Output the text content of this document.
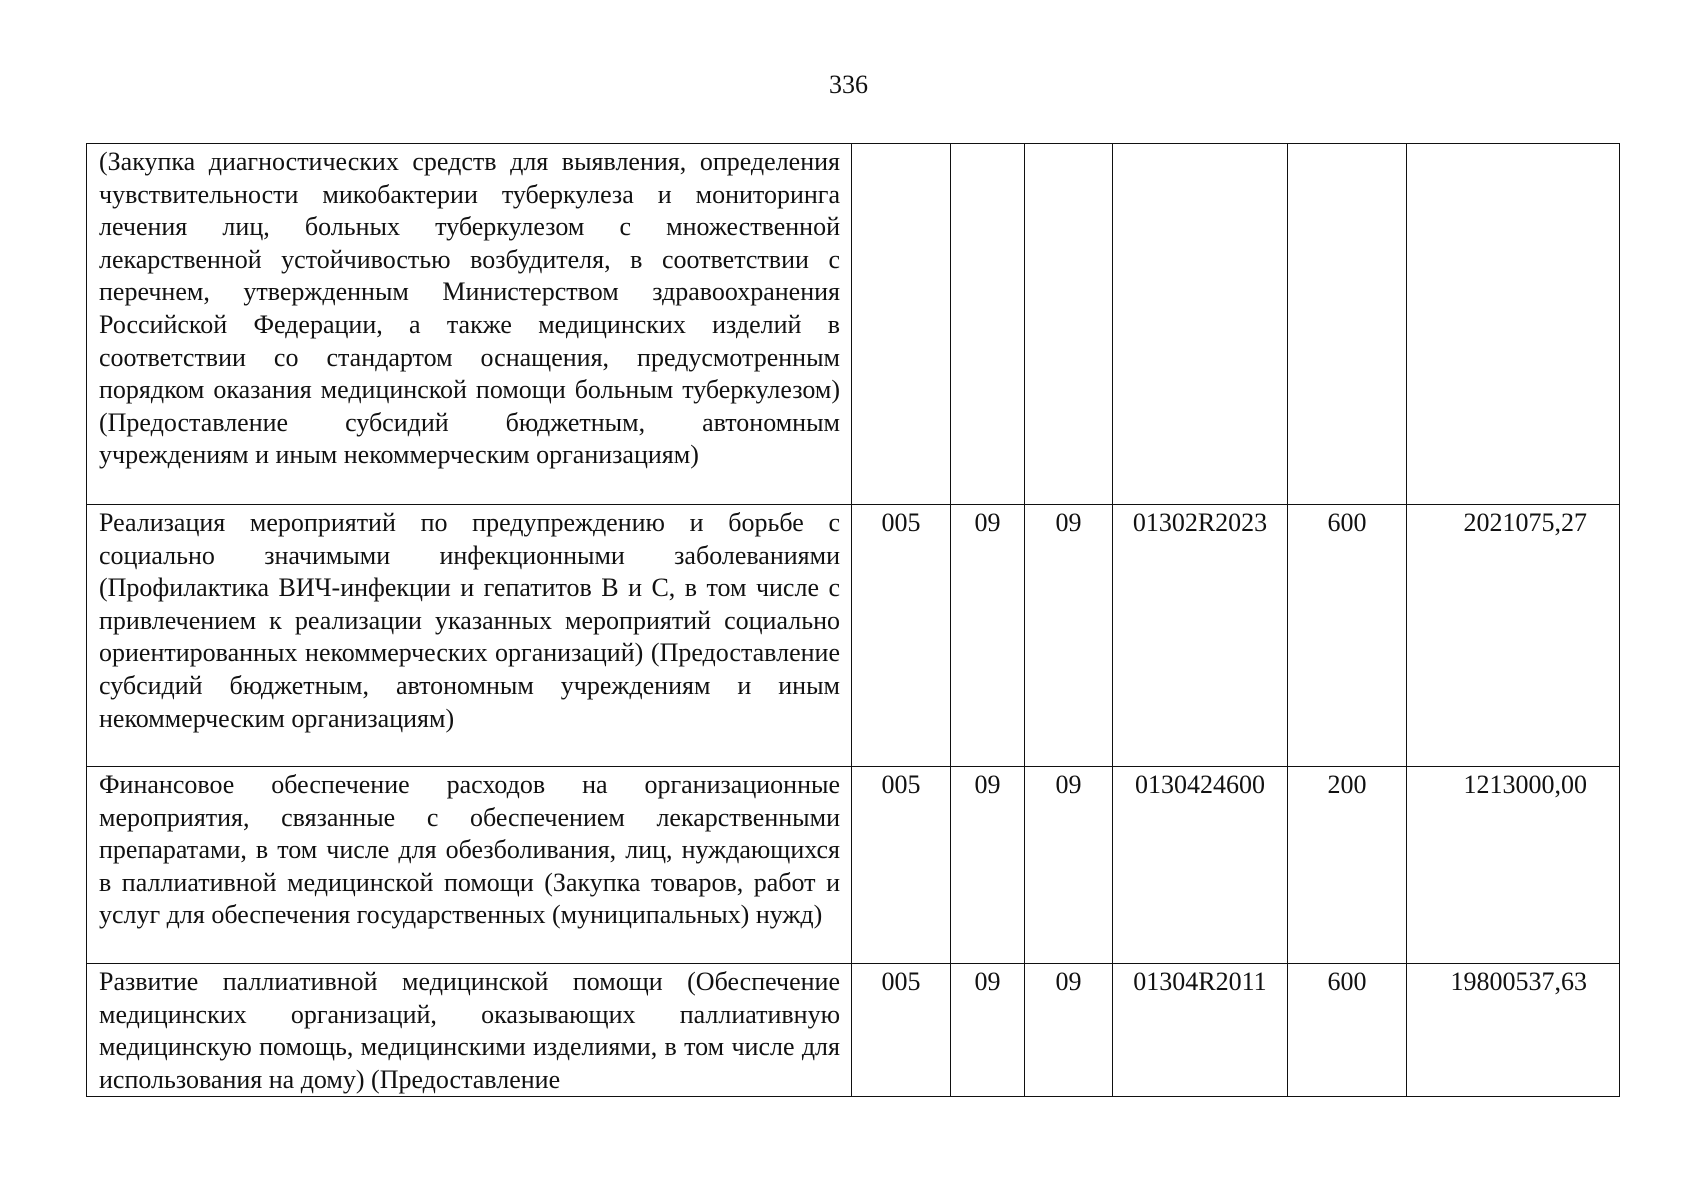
336
(Закупка диагностических средств для выявления, определения чувствительности микобактерии туберкулеза и мониторинга лечения лиц, больных туберкулезом с множественной лекарственной устойчивостью возбудителя, в соответствии с перечнем, утвержденным Министерством здравоохранения Российской Федерации, а также медицинских изделий в соответствии со стандартом оснащения, предусмотренным порядком оказания медицинской помощи больным туберкулезом) (Предоставление субсидий бюджетным, автономным учреждениям и иным некоммерческим организациям)						
Реализация мероприятий по предупреждению и борьбе с социально значимыми инфекционными заболеваниями (Профилактика ВИЧ-инфекции и гепатитов В и С, в том числе с привлечением к реализации указанных мероприятий социально ориентированных некоммерческих организаций) (Предоставление субсидий бюджетным, автономным учреждениям и иным некоммерческим организациям)	005	09	09	01302R2023	600	2021075,27
Финансовое обеспечение расходов на организационные мероприятия, связанные с обеспечением лекарственными препаратами, в том числе для обезболивания, лиц, нуждающихся в паллиативной медицинской помощи (Закупка товаров, работ и услуг для обеспечения государственных (муниципальных) нужд)	005	09	09	0130424600	200	1213000,00
Развитие паллиативной медицинской помощи (Обеспечение медицинских организаций, оказывающих паллиативную медицинскую помощь, медицинскими изделиями, в том числе для использования на дому) (Предоставление	005	09	09	01304R2011	600	19800537,63
